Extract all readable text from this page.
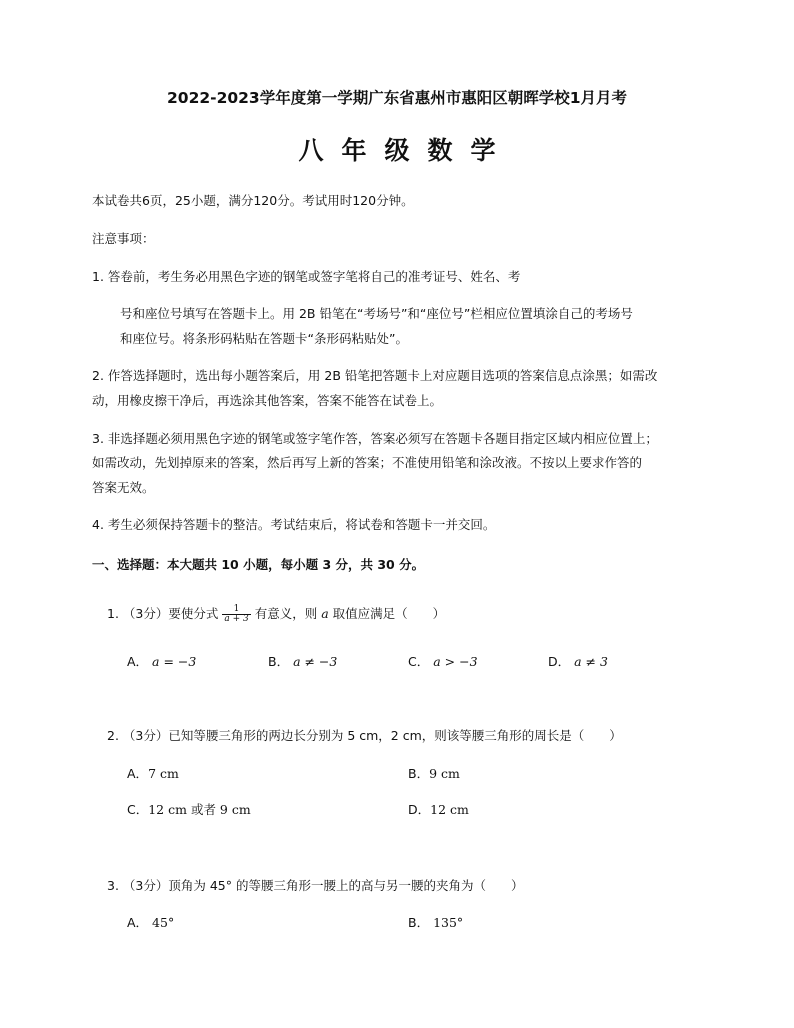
2022-2023学年度第一学期广东省惠州市惠阳区朝晖学校1月月考
八年级数学
本试卷共6页，25小题，满分120分。考试用时120分钟。
注意事项：
1. 答卷前，考生务必用黑色字迹的钢笔或签字笔将自己的准考证号、姓名、考
号和座位号填写在答题卡上。用 2B 铅笔在“考场号”和“座位号”栏相应位置填涂自己的考场号
和座位号。将条形码粘贴在答题卡“条形码粘贴处”。
2. 作答选择题时，选出每小题答案后，用 2B 铅笔把答题卡上对应题目选项的答案信息点涂黑；如需改
动，用橡皮擦干净后，再选涂其他答案，答案不能答在试卷上。
3. 非选择题必须用黑色字迹的钢笔或签字笔作答，答案必须写在答题卡各题目指定区域内相应位置上；
如需改动，先划掉原来的答案，然后再写上新的答案；不准使用铅笔和涂改液。不按以上要求作答的
答案无效。
4. 考生必须保持答题卡的整洁。考试结束后，将试卷和答题卡一并交回。
一、选择题：本大题共 10 小题，每小题 3 分，共 30 分。
1. （3分）要使分式 $\frac{1}{a + 3}$ 有意义，则 a 取值应满足（　　）
A． a = −3	B． a ≠ −3	C． a > −3	D． a ≠ 3
2. （3分）已知等腰三角形的两边长分别为 5 cm，2 cm，则该等腰三角形的周长是（　　）
A．7 cm	B．9 cm
C．12 cm 或者 9 cm	D．12 cm
3. （3分）顶角为 45° 的等腰三角形一腰上的高与另一腰的夹角为（　　）
A． 45°	B． 135°
